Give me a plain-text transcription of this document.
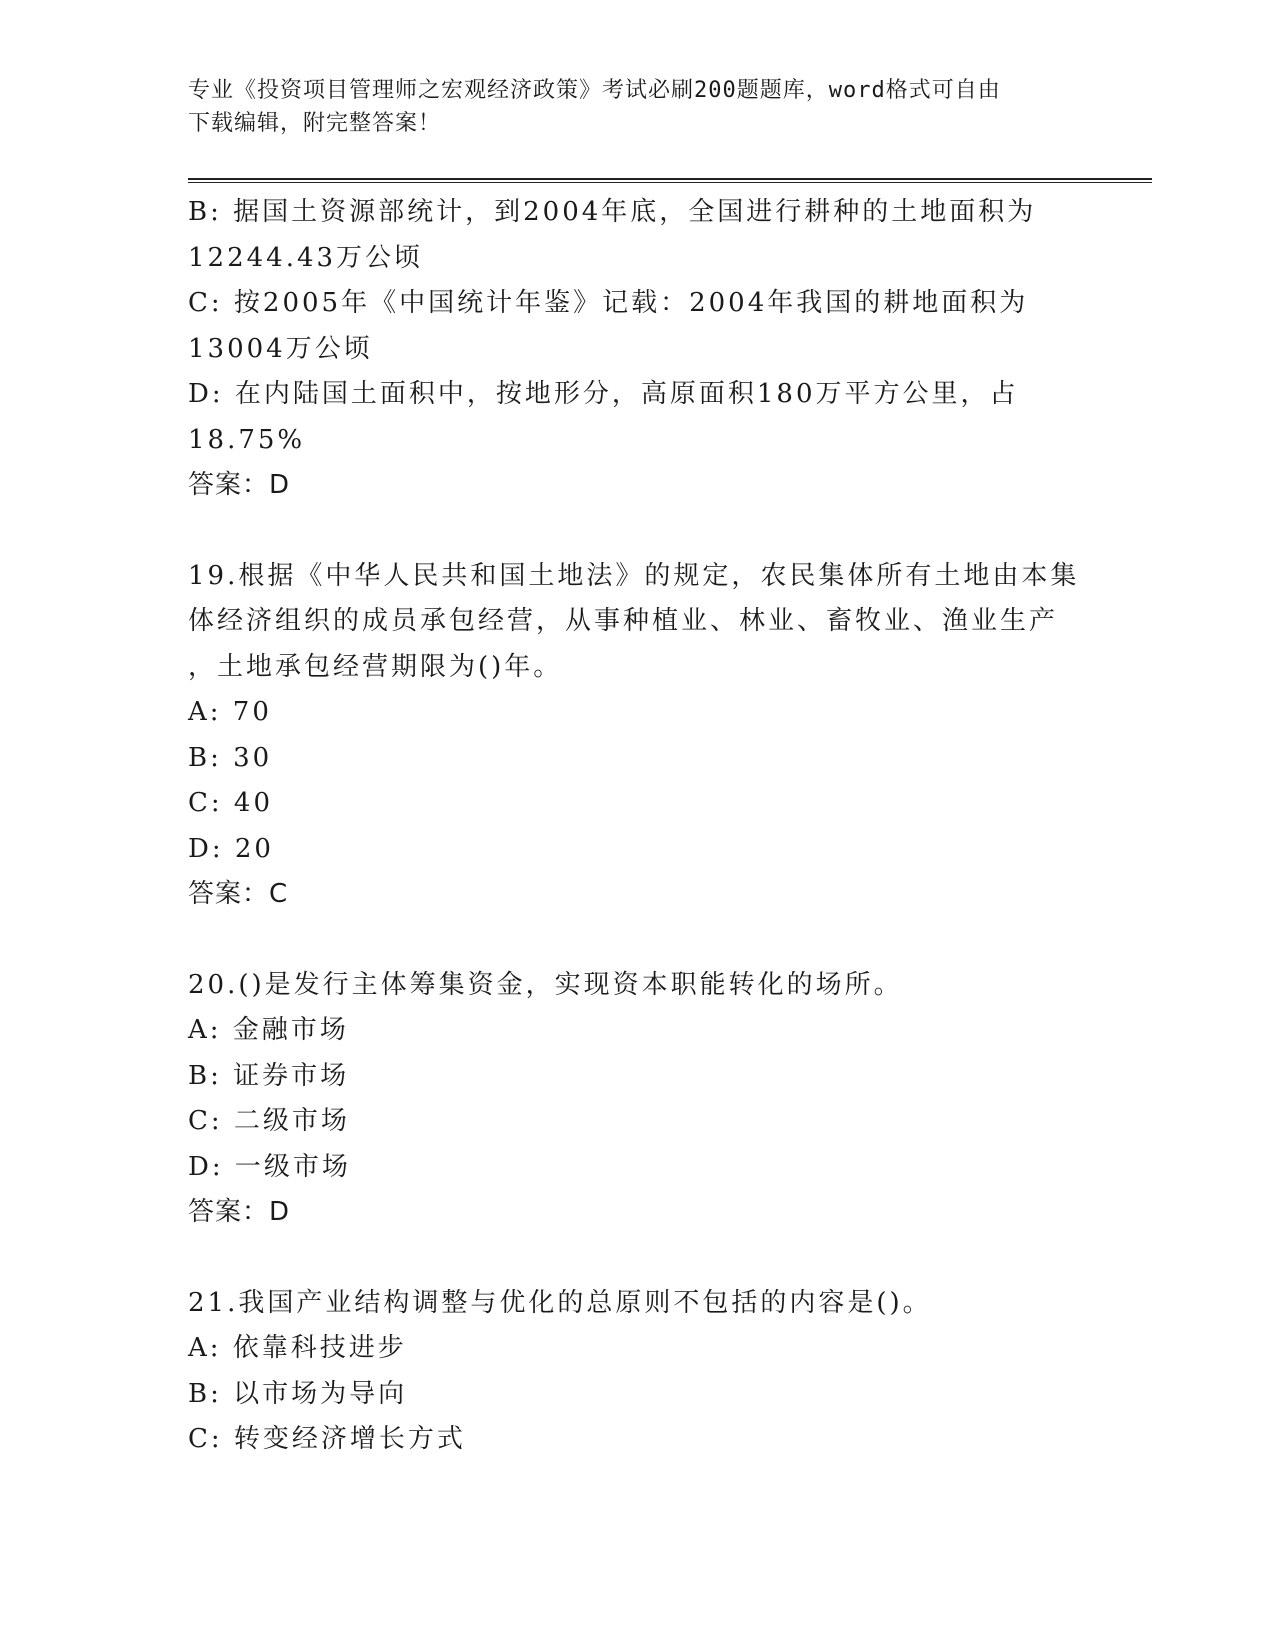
专业《投资项目管理师之宏观经济政策》考试必刷200题题库，word格式可自由
下载编辑，附完整答案！
B: 据国土资源部统计，到2004年底，全国进行耕种的土地面积为
12244.43万公顷
C: 按2005年《中国统计年鉴》记载：2004年我国的耕地面积为
13004万公顷
D: 在内陆国土面积中，按地形分，高原面积180万平方公里，占
18.75%
答案：D
19.根据《中华人民共和国土地法》的规定，农民集体所有土地由本集
体经济组织的成员承包经营，从事种植业、林业、畜牧业、渔业生产
，土地承包经营期限为()年。
A: 70
B: 30
C: 40
D: 20
答案：C
20.()是发行主体筹集资金，实现资本职能转化的场所。
A: 金融市场
B: 证券市场
C: 二级市场
D: 一级市场
答案：D
21.我国产业结构调整与优化的总原则不包括的内容是()。
A: 依靠科技进步
B: 以市场为导向
C: 转变经济增长方式
